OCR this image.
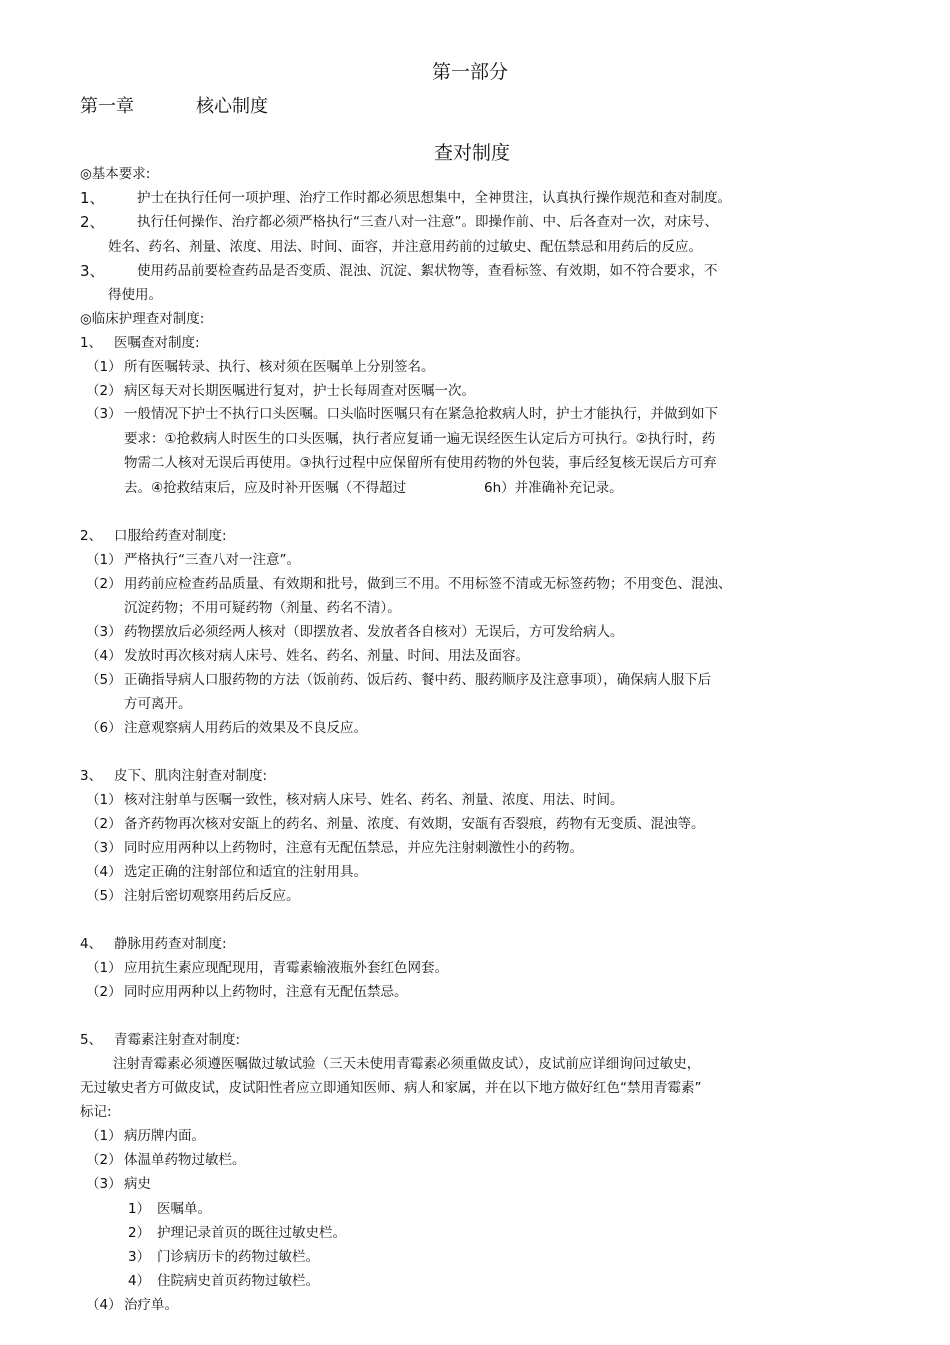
第一部分
第一章	核心制度
查对制度
◎基本要求:
1、 护士在执行任何一项护理、治疗工作时都必须思想集中，全神贯注，认真执行操作规范和查对制度。
2、 执行任何操作、治疗都必须严格执行“三查八对一注意”。即操作前、中、后各查对一次，对床号、
姓名、药名、剂量、浓度、用法、时间、面容，并注意用药前的过敏史、配伍禁忌和用药后的反应。
3、 使用药品前要检查药品是否变质、混浊、沉淀、絮状物等，查看标签、有效期，如不符合要求，不
得使用。
◎临床护理查对制度:
1、 医嘱查对制度:
（1） 所有医嘱转录、执行、核对须在医嘱单上分别签名。
（2） 病区每天对长期医嘱进行复对，护士长每周查对医嘱一次。
（3） 一般情况下护士不执行口头医嘱。口头临时医嘱只有在紧急抢救病人时，护士才能执行，并做到如下
要求：①抢救病人时医生的口头医嘱，执行者应复诵一遍无误经医生认定后方可执行。②执行时，药
物需二人核对无误后再使用。③执行过程中应保留所有使用药物的外包装，事后经复核无误后方可弃
去。④抢救结束后，应及时补开医嘱（不得超过	6h）并准确补充记录。
2、 口服给药查对制度:
（1） 严格执行“三查八对一注意”。
（2） 用药前应检查药品质量、有效期和批号，做到三不用。不用标签不清或无标签药物；不用变色、混浊、
沉淀药物；不用可疑药物（剂量、药名不清）。
（3） 药物摆放后必须经两人核对（即摆放者、发放者各自核对）无误后，方可发给病人。
（4） 发放时再次核对病人床号、姓名、药名、剂量、时间、用法及面容。
（5） 正确指导病人口服药物的方法（饭前药、饭后药、餐中药、服药顺序及注意事项），确保病人服下后
方可离开。
（6） 注意观察病人用药后的效果及不良反应。
3、 皮下、肌肉注射查对制度:
（1） 核对注射单与医嘱一致性，核对病人床号、姓名、药名、剂量、浓度、用法、时间。
（2） 备齐药物再次核对安瓿上的药名、剂量、浓度、有效期，安瓿有否裂痕，药物有无变质、混浊等。
（3） 同时应用两种以上药物时，注意有无配伍禁忌，并应先注射刺激性小的药物。
（4） 选定正确的注射部位和适宜的注射用具。
（5） 注射后密切观察用药后反应。
4、 静脉用药查对制度:
（1） 应用抗生素应现配现用，青霉素输液瓶外套红色网套。
（2） 同时应用两种以上药物时，注意有无配伍禁忌。
5、 青霉素注射查对制度:
注射青霉素必须遵医嘱做过敏试验（三天未使用青霉素必须重做皮试），皮试前应详细询问过敏史，
无过敏史者方可做皮试，皮试阳性者应立即通知医师、病人和家属，并在以下地方做好红色“禁用青霉素”
标记:
（1） 病历牌内面。
（2） 体温单药物过敏栏。
（3） 病史
1） 医嘱单。
2） 护理记录首页的既往过敏史栏。
3） 门诊病历卡的药物过敏栏。
4） 住院病史首页药物过敏栏。
（4） 治疗单。
